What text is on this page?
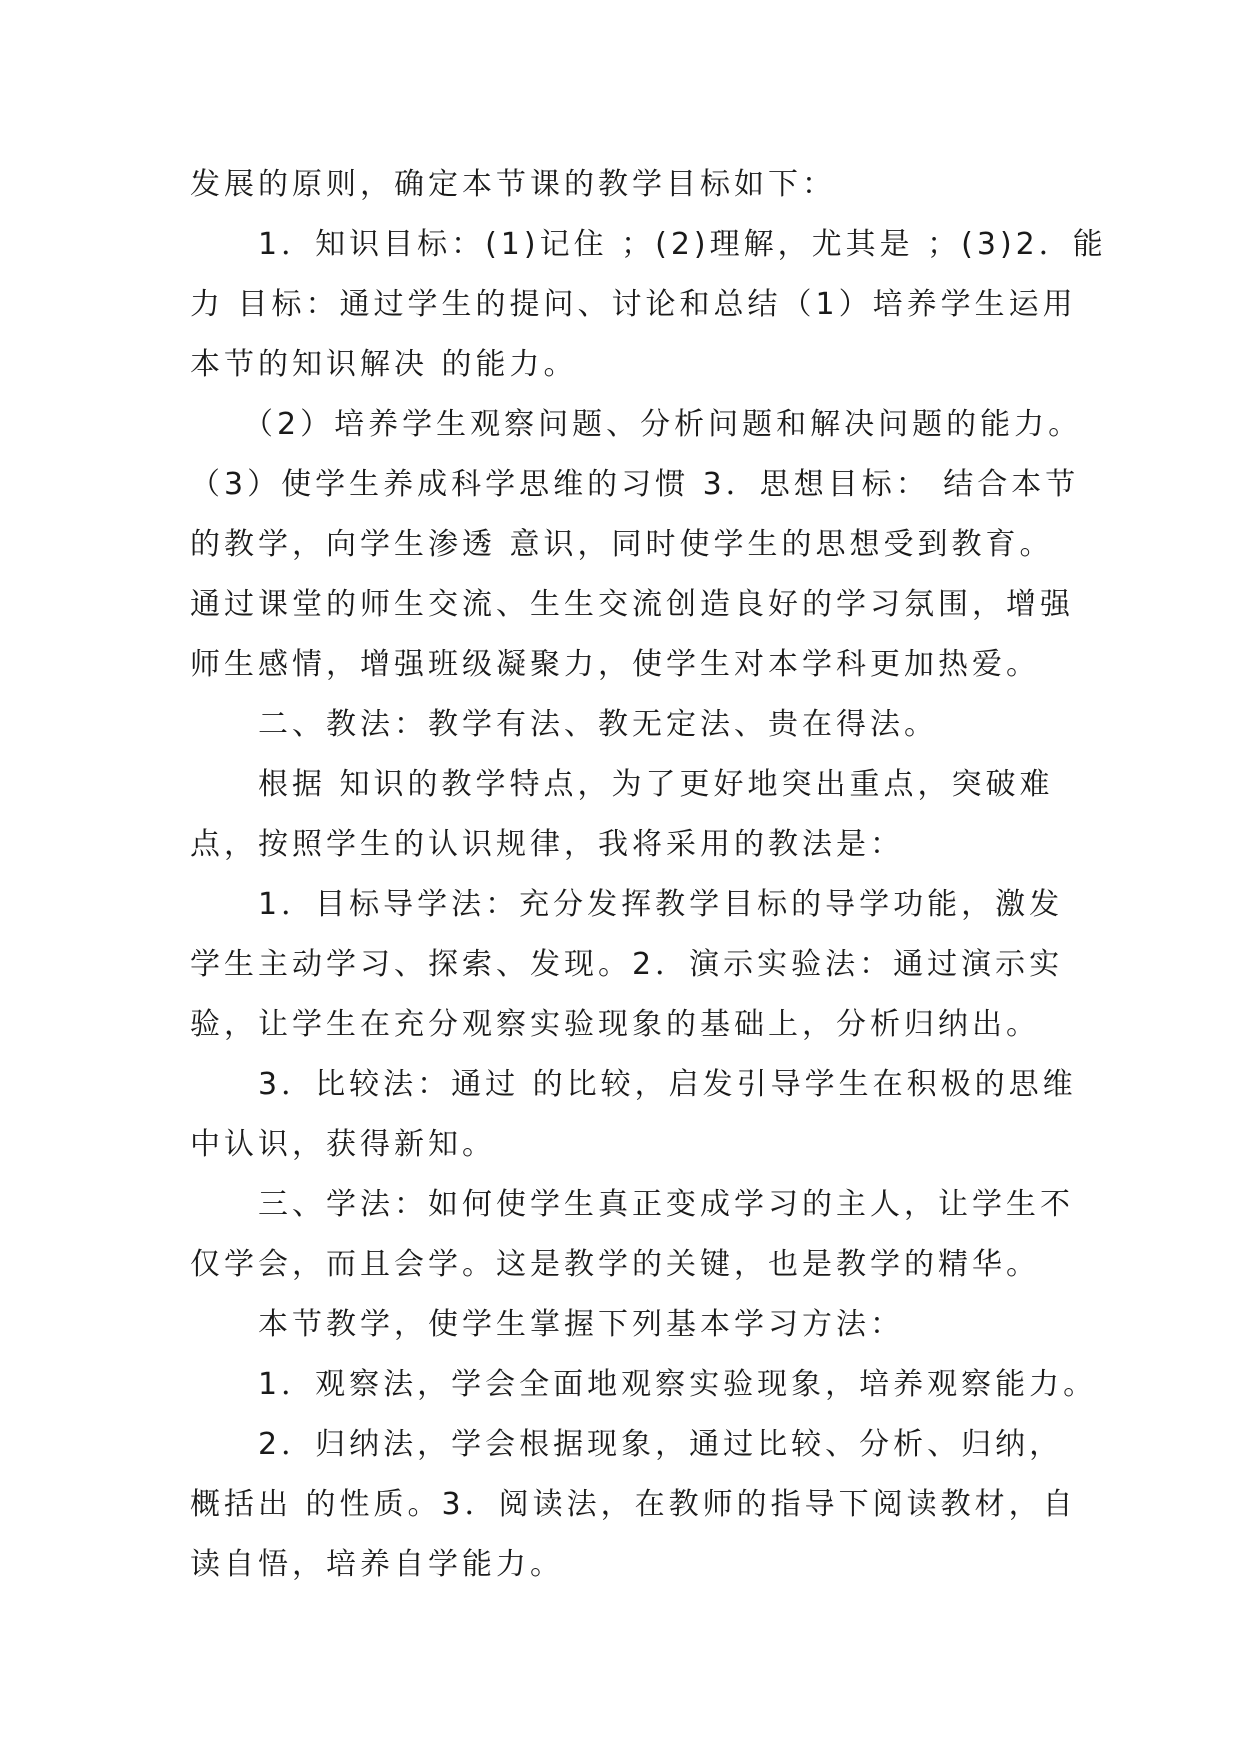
发展的原则，确定本节课的教学目标如下：
　　1．知识目标：(1)记住 ；(2)理解，尤其是 ；(3)2．能
力 目标：通过学生的提问、讨论和总结（1）培养学生运用
本节的知识解决 的能力。
　　（2）培养学生观察问题、分析问题和解决问题的能力。
（3）使学生养成科学思维的习惯 3．思想目标： 结合本节
的教学，向学生渗透 意识，同时使学生的思想受到教育。
通过课堂的师生交流、生生交流创造良好的学习氛围，增强
师生感情，增强班级凝聚力，使学生对本学科更加热爱。
　　二、教法：教学有法、教无定法、贵在得法。
　　根据 知识的教学特点，为了更好地突出重点，突破难
点，按照学生的认识规律，我将采用的教法是：
　　1．目标导学法：充分发挥教学目标的导学功能，激发
学生主动学习、探索、发现。2．演示实验法：通过演示实
验，让学生在充分观察实验现象的基础上，分析归纳出。
　　3．比较法：通过 的比较，启发引导学生在积极的思维
中认识，获得新知。
　　三、学法：如何使学生真正变成学习的主人，让学生不
仅学会，而且会学。这是教学的关键，也是教学的精华。
　　本节教学，使学生掌握下列基本学习方法：
　　1．观察法，学会全面地观察实验现象，培养观察能力。
　　2．归纳法，学会根据现象，通过比较、分析、归纳，
概括出 的性质。3．阅读法，在教师的指导下阅读教材，自
读自悟，培养自学能力。
